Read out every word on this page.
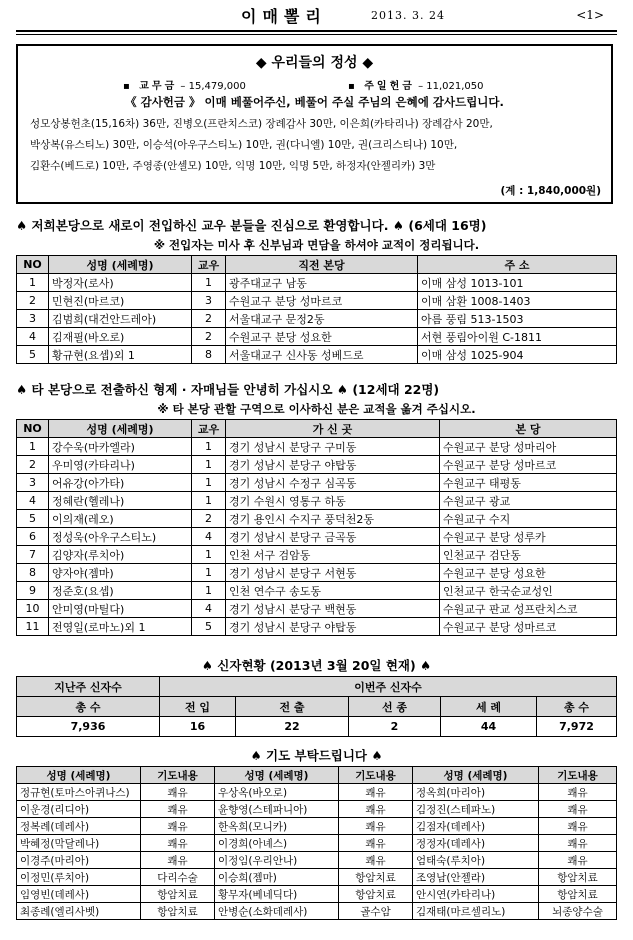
이매뽈리	2013. 3. 24	<1>
◆ 우리들의 정성 ◆
▪ 교무금 – 15,479,000	▪ 주일헌금 – 11,021,050
《 감사헌금 》 이매 베풀어주신, 베풀어 주실 주님의 은혜에 감사드립니다.
성모상봉헌초(15,16차) 36만, 진병오(프란치스코) 장례감사 30만, 이은희(카타리나) 장례감사 20만,
박상복(유스티노) 30만, 이승석(아우구스티노) 10만, 권(다니엘) 10만, 권(크리스티나) 10만,
김환수(베드로) 10만, 주영종(안셀모) 10만, 익명 10만, 익명 5만, 하정자(안젤리카) 3만
(계 : 1,840,000원)
♠ 저희본당으로 새로이 전입하신 교우 분들을 진심으로 환영합니다. ♠ (6세대 16명)
※ 전입자는 미사 후 신부님과 면담을 하셔야 교적이 정리됩니다.
NO	성명 (세례명)	교우	직전 본당	주 소
1	박정자(로사)	1	광주대교구 남동	이매 삼성 1013-101
2	민현진(마르코)	3	수원교구 분당 성마르코	이매 삼환 1008-1403
3	김범희(대건안드레아)	2	서울대교구 문정2동	아름 풍림 513-1503
4	김재필(바오로)	2	수원교구 분당 성요한	서현 풍림아이원 C-1811
5	황규현(요셉)외 1	8	서울대교구 신사동 성베드로	이매 삼성 1025-904
♠ 타 본당으로 전출하신 형제 · 자매님들 안녕히 가십시오 ♠ (12세대 22명)
※ 타 본당 관할 구역으로 이사하신 분은 교적을 옮겨 주십시오.
NO	성명 (세례명)	교우	가 신 곳	본 당
1	강수욱(마카엘라)	1	경기 성남시 분당구 구미동	수원교구 분당 성마리아
2	우미영(카타리나)	1	경기 성남시 분당구 야탑동	수원교구 분당 성마르코
3	어유강(아가타)	1	경기 성남시 수정구 심곡동	수원교구 태평동
4	정혜란(헬레나)	1	경기 수원시 영통구 하동	수원교구 광교
5	이의재(레오)	2	경기 용인시 수지구 풍덕천2동	수원교구 수지
6	정성욱(아우구스티노)	4	경기 성남시 분당구 금곡동	수원교구 분당 성루카
7	김양자(루치아)	1	인천 서구 검암동	인천교구 검단동
8	양자야(젬마)	1	경기 성남시 분당구 서현동	수원교구 분당 성요한
9	정준호(요셉)	1	인천 연수구 송도동	인천교구 한국순교성인
10	안미영(마틸다)	4	경기 성남시 분당구 백현동	수원교구 판교 성프란치스코
11	전영일(로마노)외 1	5	경기 성남시 분당구 야탑동	수원교구 분당 성마르코
♠ 신자현황 (2013년 3월 20일 현재) ♠
지난주 신자수	이번주 신자수				
총 수	전 입	전 출	선 종	세 례	총 수
7,936	16	22	2	44	7,972
♠ 기도 부탁드립니다 ♠
성명 (세례명)	기도내용	성명 (세례명)	기도내용	성명 (세례명)	기도내용
정규현(토마스아퀴나스)	쾌유	우상옥(바오로)	쾌유	정옥희(마리아)	쾌유
이운경(리디아)	쾌유	윤향영(스테파니아)	쾌유	김정진(스테파노)	쾌유
정복례(데레사)	쾌유	한옥희(모니카)	쾌유	김점자(데레사)	쾌유
박혜정(막달레나)	쾌유	이경희(아녜스)	쾌유	정정자(데레사)	쾌유
이경주(마리아)	쾌유	이정임(우리안나)	쾌유	엄태숙(루치아)	쾌유
이정민(루치아)	다리수술	이승희(젬마)	항암치료	조영남(안젤라)	항암치료
임영빈(데레사)	항암치료	황무자(베네딕다)	항암치료	안시연(카타리나)	항암치료
최종례(엘리사벳)	항암치료	안병순(소화데레사)	골수암	김재태(마르셀리노)	뇌종양수술
